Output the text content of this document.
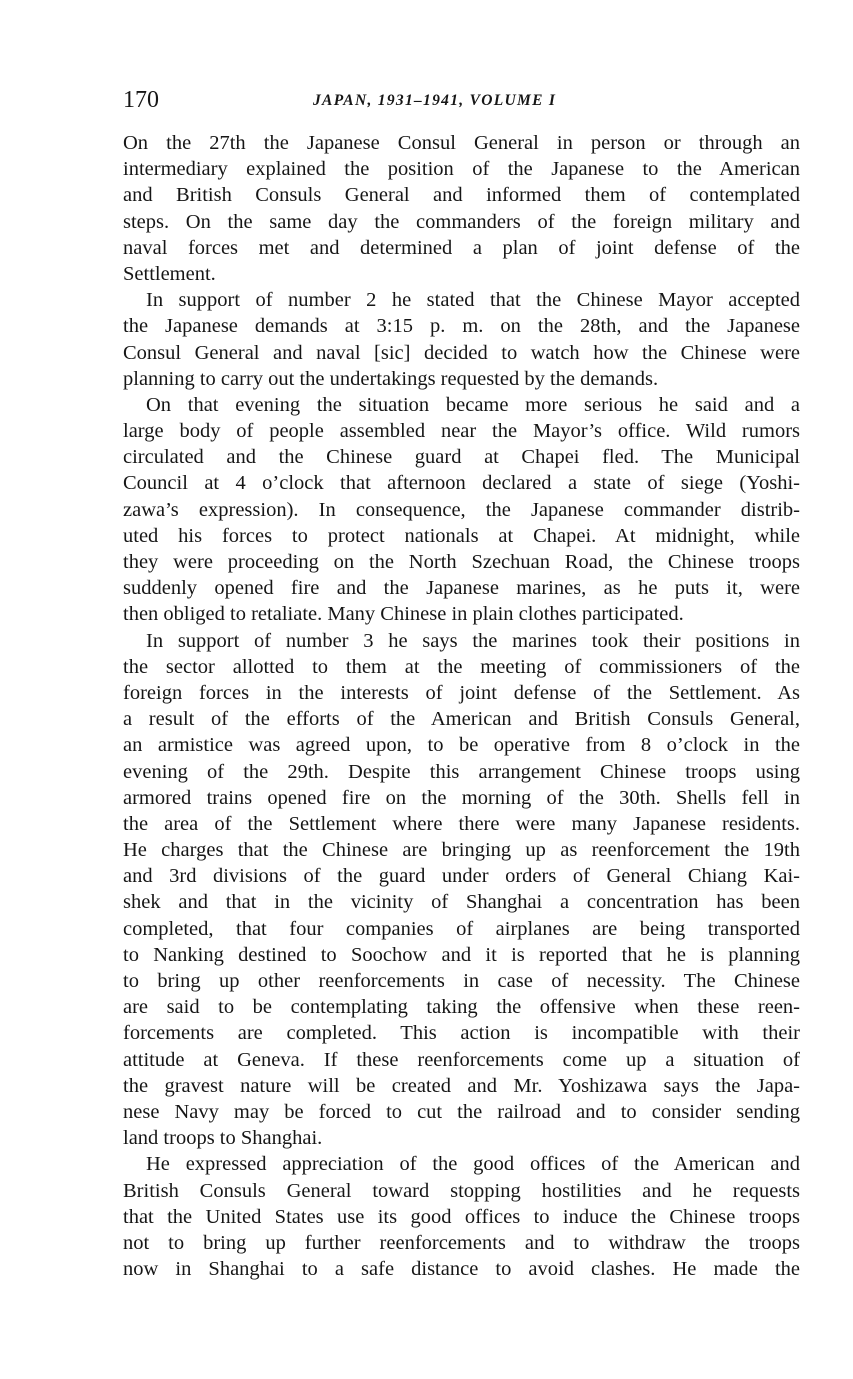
170	JAPAN, 1931–1941, VOLUME I
On the 27th the Japanese Consul General in person or through an
intermediary explained the position of the Japanese to the American
and British Consuls General and informed them of contemplated
steps. On the same day the commanders of the foreign military and
naval forces met and determined a plan of joint defense of the
Settlement.
In support of number 2 he stated that the Chinese Mayor accepted
the Japanese demands at 3:15 p. m. on the 28th, and the Japanese
Consul General and naval [sic] decided to watch how the Chinese were
planning to carry out the undertakings requested by the demands.
On that evening the situation became more serious he said and a
large body of people assembled near the Mayor’s office. Wild rumors
circulated and the Chinese guard at Chapei fled. The Municipal
Council at 4 o’clock that afternoon declared a state of siege (Yoshi-
zawa’s expression). In consequence, the Japanese commander distrib-
uted his forces to protect nationals at Chapei. At midnight, while
they were proceeding on the North Szechuan Road, the Chinese troops
suddenly opened fire and the Japanese marines, as he puts it, were
then obliged to retaliate. Many Chinese in plain clothes participated.
In support of number 3 he says the marines took their positions in
the sector allotted to them at the meeting of commissioners of the
foreign forces in the interests of joint defense of the Settlement. As
a result of the efforts of the American and British Consuls General,
an armistice was agreed upon, to be operative from 8 o’clock in the
evening of the 29th. Despite this arrangement Chinese troops using
armored trains opened fire on the morning of the 30th. Shells fell in
the area of the Settlement where there were many Japanese residents.
He charges that the Chinese are bringing up as reenforcement the 19th
and 3rd divisions of the guard under orders of General Chiang Kai-
shek and that in the vicinity of Shanghai a concentration has been
completed, that four companies of airplanes are being transported
to Nanking destined to Soochow and it is reported that he is planning
to bring up other reenforcements in case of necessity. The Chinese
are said to be contemplating taking the offensive when these reen-
forcements are completed. This action is incompatible with their
attitude at Geneva. If these reenforcements come up a situation of
the gravest nature will be created and Mr. Yoshizawa says the Japa-
nese Navy may be forced to cut the railroad and to consider sending
land troops to Shanghai.
He expressed appreciation of the good offices of the American and
British Consuls General toward stopping hostilities and he requests
that the United States use its good offices to induce the Chinese troops
not to bring up further reenforcements and to withdraw the troops
now in Shanghai to a safe distance to avoid clashes. He made the
